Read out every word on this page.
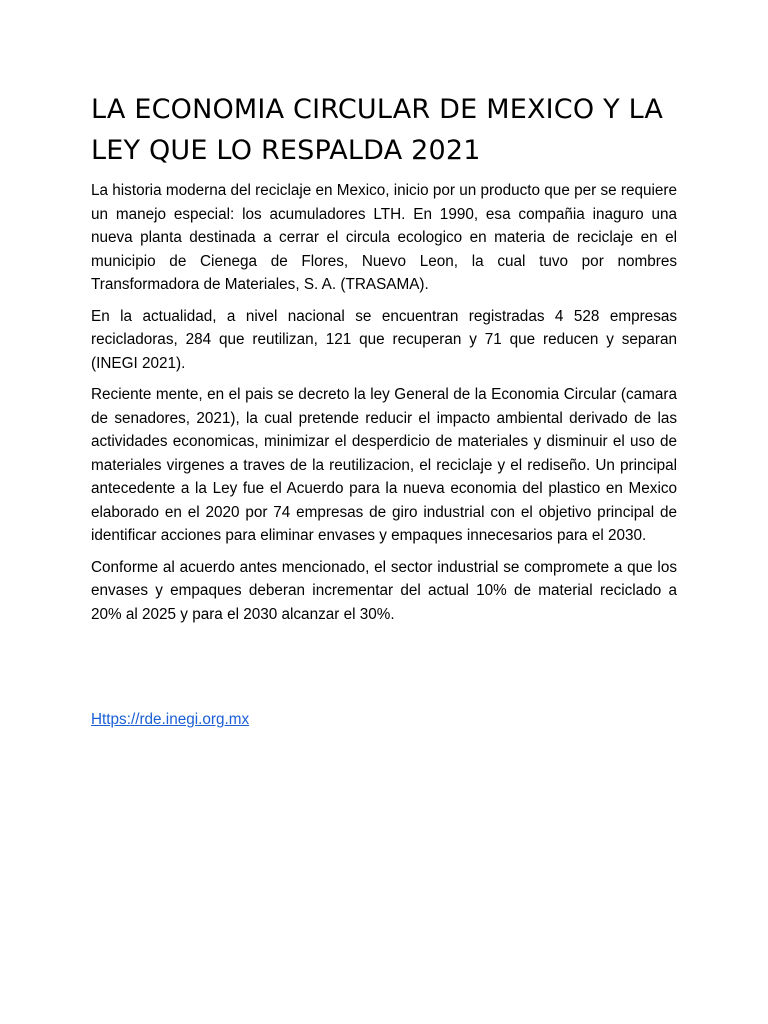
LA ECONOMIA CIRCULAR DE MEXICO Y LA LEY QUE LO RESPALDA 2021

La historia moderna del reciclaje en Mexico, inicio por un producto que per se requiere un manejo especial: los acumuladores LTH. En 1990, esa compañia inaguro una nueva planta destinada a cerrar el circula ecologico en materia de reciclaje en el municipio de Cienega de Flores, Nuevo Leon, la cual tuvo por nombres Transformadora de Materiales, S. A. (TRASAMA).

En la actualidad, a nivel nacional se encuentran registradas 4 528 empresas recicladoras, 284 que reutilizan, 121 que recuperan y 71 que reducen y separan (INEGI 2021).

Reciente mente, en el pais se decreto la ley General de la Economia Circular (camara de senadores, 2021), la cual pretende reducir el impacto ambiental derivado de las actividades economicas, minimizar el desperdicio de materiales y disminuir el uso de materiales virgenes a traves de la reutilizacion, el reciclaje y el rediseño. Un principal antecedente a la Ley fue el Acuerdo para la nueva economia del plastico en Mexico elaborado en el 2020 por 74 empresas de giro industrial con el objetivo principal de identificar acciones para eliminar envases y empaques innecesarios para el 2030.

Conforme al acuerdo antes mencionado, el sector industrial se compromete a que los envases y empaques deberan incrementar del actual 10% de material reciclado a 20% al 2025 y para el 2030 alcanzar el 30%.

Https://rde.inegi.org.mx
